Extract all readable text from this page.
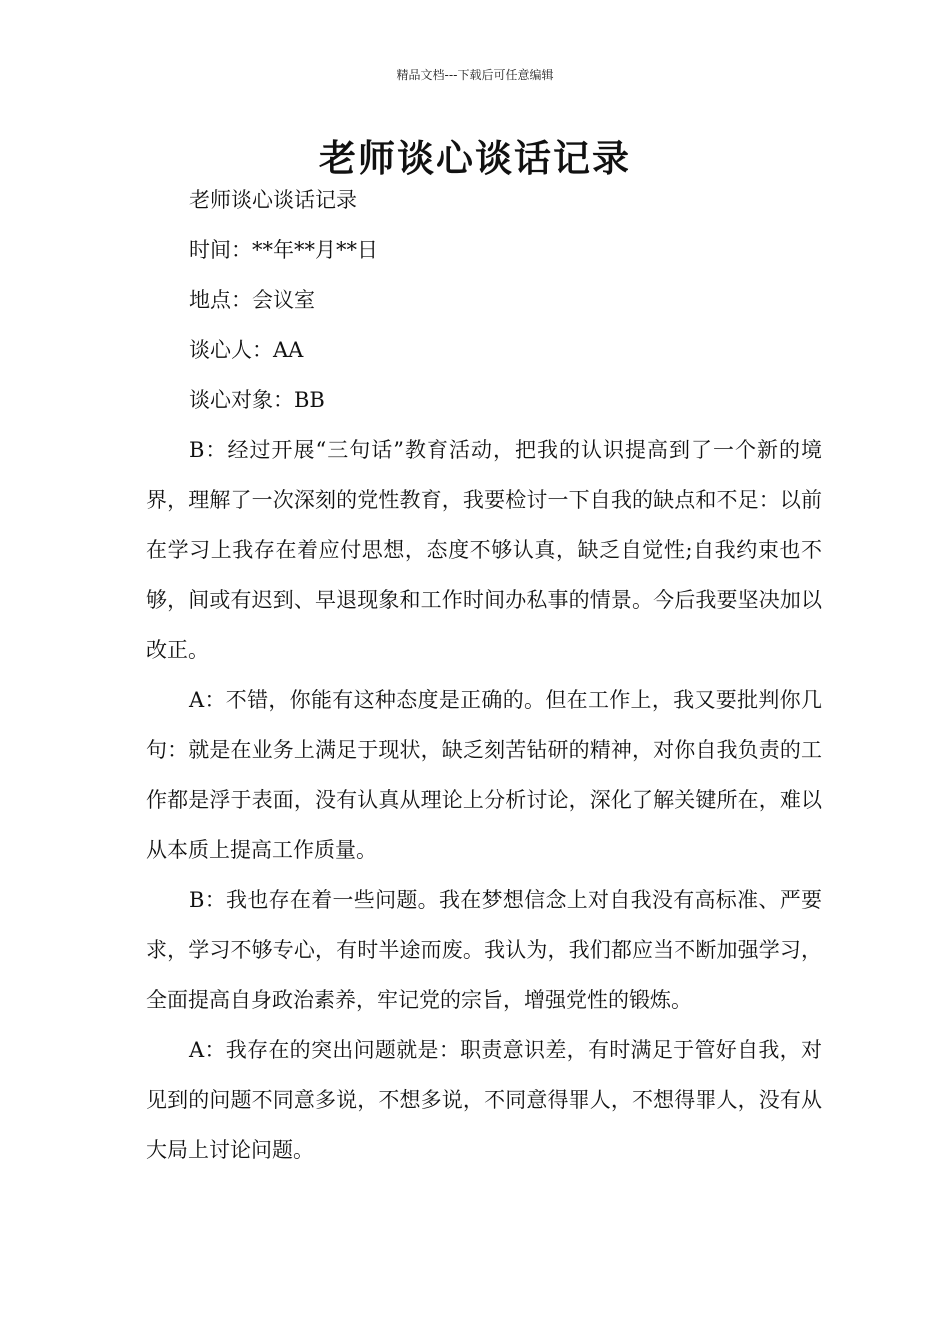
精品文档---下载后可任意编辑
老师谈心谈话记录

老师谈心谈话记录

时间：**年**月**日

地点：会议室

谈心人：AA

谈心对象：BB

B：经过开展“三句话”教育活动，把我的认识提高到了一个新的境界，理解了一次深刻的党性教育，我要检讨一下自我的缺点和不足：以前在学习上我存在着应付思想，态度不够认真，缺乏自觉性;自我约束也不够，间或有迟到、早退现象和工作时间办私事的情景。今后我要坚决加以改正。

A：不错，你能有这种态度是正确的。但在工作上，我又要批判你几句：就是在业务上满足于现状，缺乏刻苦钻研的精神，对你自我负责的工作都是浮于表面，没有认真从理论上分析讨论，深化了解关键所在，难以从本质上提高工作质量。

B：我也存在着一些问题。我在梦想信念上对自我没有高标准、严要求，学习不够专心，有时半途而废。我认为，我们都应当不断加强学习，全面提高自身政治素养，牢记党的宗旨，增强党性的锻炼。

A：我存在的突出问题就是：职责意识差，有时满足于管好自我，对见到的问题不同意多说，不想多说，不同意得罪人，不想得罪人，没有从大局上讨论问题。
